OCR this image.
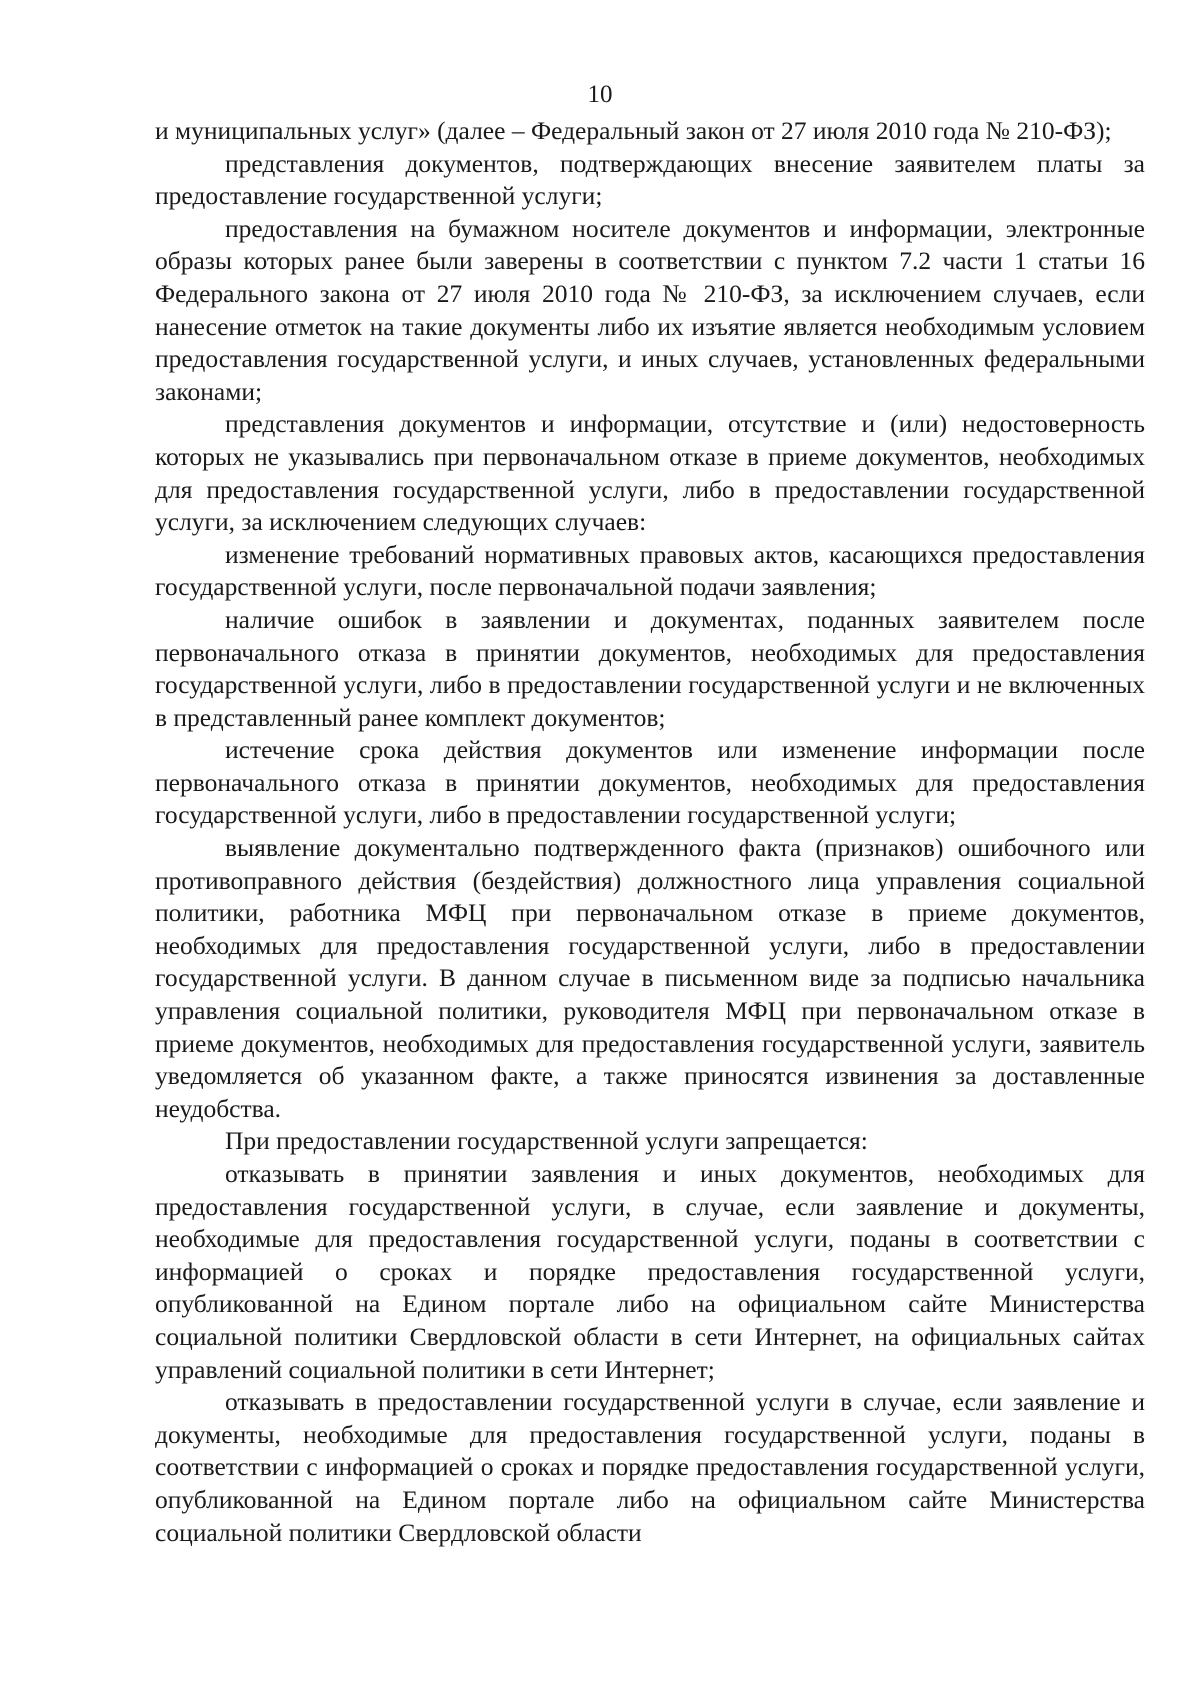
10

и муниципальных услуг» (далее – Федеральный закон от 27 июля 2010 года № 210-ФЗ);

представления документов, подтверждающих внесение заявителем платы за предоставление государственной услуги;

предоставления на бумажном носителе документов и информации, электронные образы которых ранее были заверены в соответствии с пунктом 7.2 части 1 статьи 16 Федерального закона от 27 июля 2010 года № 210-ФЗ, за исключением случаев, если нанесение отметок на такие документы либо их изъятие является необходимым условием предоставления государственной услуги, и иных случаев, установленных федеральными законами;

представления документов и информации, отсутствие и (или) недостоверность которых не указывались при первоначальном отказе в приеме документов, необходимых для предоставления государственной услуги, либо в предоставлении государственной услуги, за исключением следующих случаев:

изменение требований нормативных правовых актов, касающихся предоставления государственной услуги, после первоначальной подачи заявления;

наличие ошибок в заявлении и документах, поданных заявителем после первоначального отказа в принятии документов, необходимых для предоставления государственной услуги, либо в предоставлении государственной услуги и не включенных в представленный ранее комплект документов;

истечение срока действия документов или изменение информации после первоначального отказа в принятии документов, необходимых для предоставления государственной услуги, либо в предоставлении государственной услуги;

выявление документально подтвержденного факта (признаков) ошибочного или противоправного действия (бездействия) должностного лица управления социальной политики, работника МФЦ при первоначальном отказе в приеме документов, необходимых для предоставления государственной услуги, либо в предоставлении государственной услуги. В данном случае в письменном виде за подписью начальника управления социальной политики, руководителя МФЦ при первоначальном отказе в приеме документов, необходимых для предоставления государственной услуги, заявитель уведомляется об указанном факте, а также приносятся извинения за доставленные неудобства.

При предоставлении государственной услуги запрещается:

отказывать в принятии заявления и иных документов, необходимых для предоставления государственной услуги, в случае, если заявление и документы, необходимые для предоставления государственной услуги, поданы в соответствии с информацией о сроках и порядке предоставления государственной услуги, опубликованной на Едином портале либо на официальном сайте Министерства социальной политики Свердловской области в сети Интернет, на официальных сайтах управлений социальной политики в сети Интернет;

отказывать в предоставлении государственной услуги в случае, если заявление и документы, необходимые для предоставления государственной услуги, поданы в соответствии с информацией о сроках и порядке предоставления государственной услуги, опубликованной на Едином портале либо на официальном сайте Министерства социальной политики Свердловской области
